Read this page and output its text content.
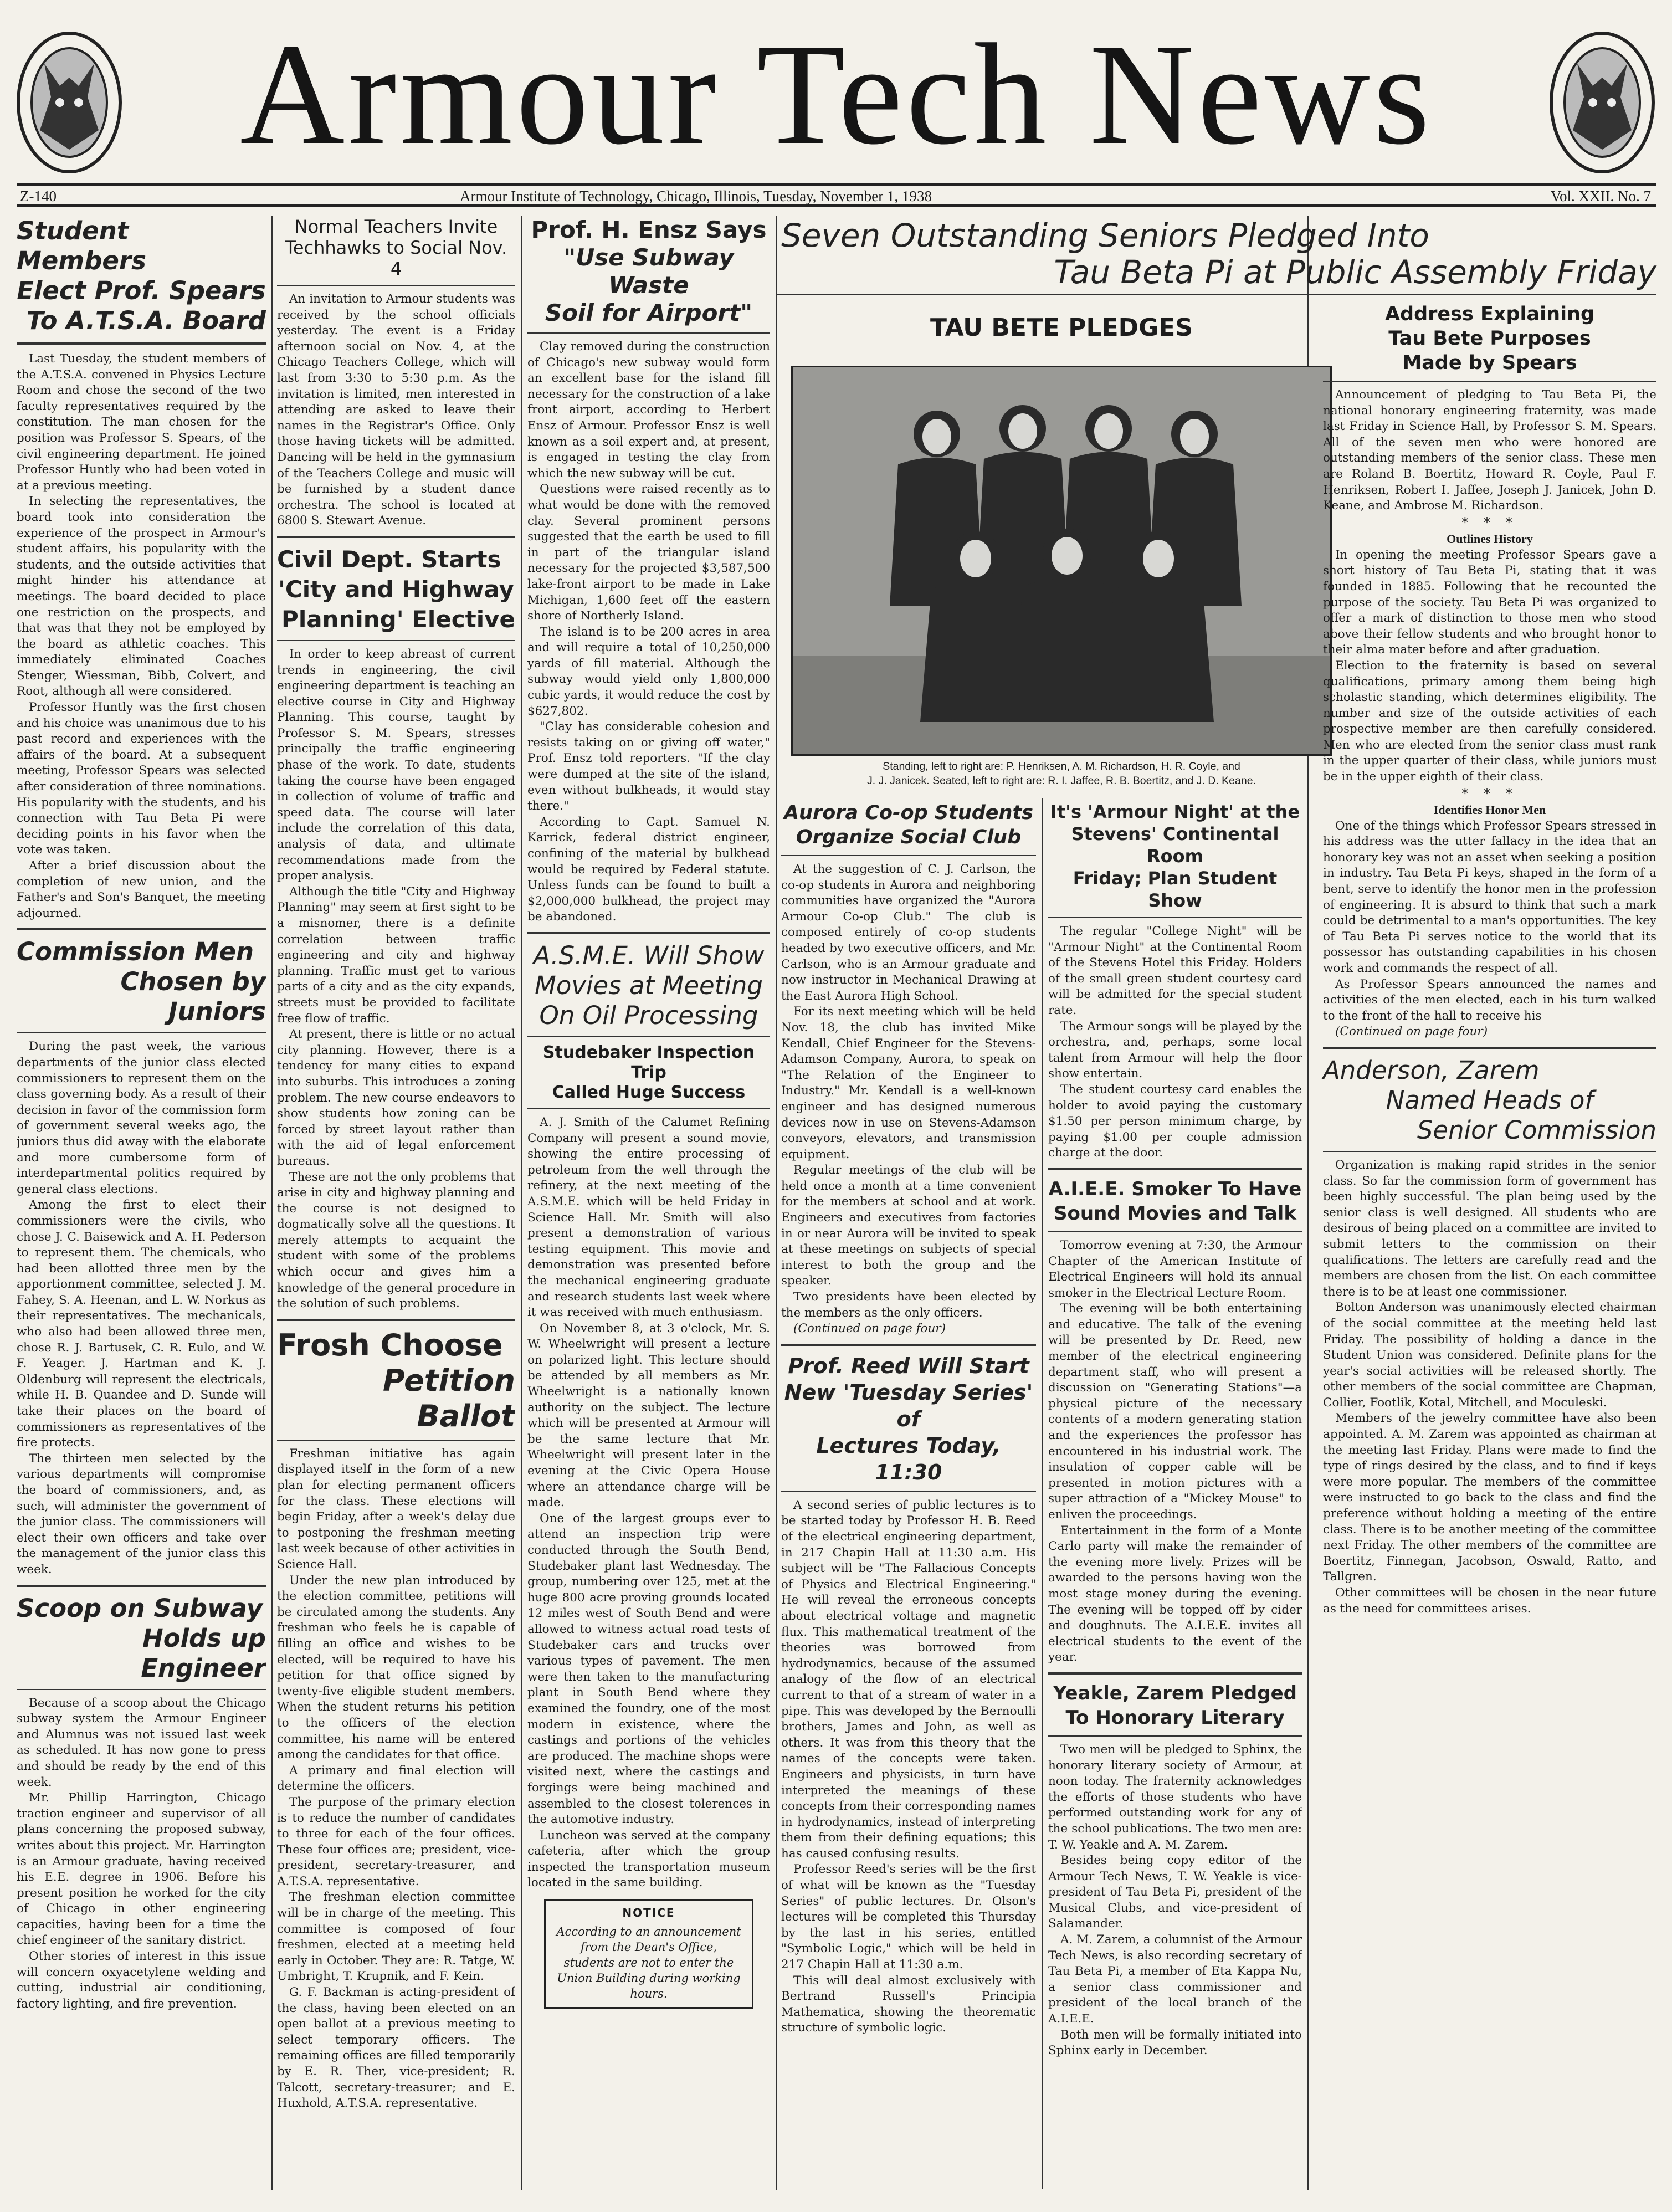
Armour Tech News
Z-140	Armour Institute of Technology, Chicago, Illinois, Tuesday, November 1, 1938	Vol. XXII. No. 7
Student Members
Elect Prof. Spears
To A.T.S.A. Board

Last Tuesday, the student members of the A.T.S.A. convened in Physics Lecture Room and chose the second of the two faculty representatives required by the constitution. The man chosen for the position was Professor S. Spears, of the civil engineering department. He joined Professor Huntly who had been voted in at a previous meeting.

In selecting the representatives, the board took into consideration the experience of the prospect in Armour's student affairs, his popularity with the students, and the outside activities that might hinder his attendance at meetings. The board decided to place one restriction on the prospects, and that was that they not be employed by the board as athletic coaches. This immediately eliminated Coaches Stenger, Wiessman, Bibb, Colvert, and Root, although all were considered.

Professor Huntly was the first chosen and his choice was unanimous due to his past record and experiences with the affairs of the board. At a subsequent meeting, Professor Spears was selected after consideration of three nominations. His popularity with the students, and his connection with Tau Beta Pi were deciding points in his favor when the vote was taken.

After a brief discussion about the completion of new union, and the Father's and Son's Banquet, the meeting adjourned.

Commission Men
Chosen by Juniors

During the past week, the various departments of the junior class elected commissioners to represent them on the class governing body. As a result of their decision in favor of the commission form of government several weeks ago, the juniors thus did away with the elaborate and more cumbersome form of interdepartmental politics required by general class elections.

Among the first to elect their commissioners were the civils, who chose J. C. Baisewick and A. H. Pederson to represent them. The chemicals, who had been allotted three men by the apportionment committee, selected J. M. Fahey, S. A. Heenan, and L. W. Norkus as their representatives. The mechanicals, who also had been allowed three men, chose R. J. Bartusek, C. R. Eulo, and W. F. Yeager. J. Hartman and K. J. Oldenburg will represent the electricals, while H. B. Quandee and D. Sunde will take their places on the board of commissioners as representatives of the fire protects.

The thirteen men selected by the various departments will compromise the board of commissioners, and, as such, will administer the government of the junior class. The commissioners will elect their own officers and take over the management of the junior class this week.

Scoop on Subway
Holds up Engineer

Because of a scoop about the Chicago subway system the Armour Engineer and Alumnus was not issued last week as scheduled. It has now gone to press and should be ready by the end of this week.

Mr. Phillip Harrington, Chicago traction engineer and supervisor of all plans concerning the proposed subway, writes about this project. Mr. Harrington is an Armour graduate, having received his E.E. degree in 1906. Before his present position he worked for the city of Chicago in other engineering capacities, having been for a time the chief engineer of the sanitary district.

Other stories of interest in this issue will concern oxyacetylene welding and cutting, industrial air conditioning, factory lighting, and fire prevention.

Normal Teachers Invite
Techhawks to Social Nov. 4

An invitation to Armour students was received by the school officials yesterday. The event is a Friday afternoon social on Nov. 4, at the Chicago Teachers College, which will last from 3:30 to 5:30 p.m. As the invitation is limited, men interested in attending are asked to leave their names in the Registrar's Office. Only those having tickets will be admitted. Dancing will be held in the gymnasium of the Teachers College and music will be furnished by a student dance orchestra. The school is located at 6800 S. Stewart Avenue.

Civil Dept. Starts
'City and Highway
Planning' Elective

In order to keep abreast of current trends in engineering, the civil engineering department is teaching an elective course in City and Highway Planning. This course, taught by Professor S. M. Spears, stresses principally the traffic engineering phase of the work. To date, students taking the course have been engaged in collection of volume of traffic and speed data. The course will later include the correlation of this data, analysis of data, and ultimate recommendations made from the proper analysis.

Although the title "City and Highway Planning" may seem at first sight to be a misnomer, there is a definite correlation between traffic engineering and city and highway planning. Traffic must get to various parts of a city and as the city expands, streets must be provided to facilitate free flow of traffic.

At present, there is little or no actual city planning. However, there is a tendency for many cities to expand into suburbs. This introduces a zoning problem. The new course endeavors to show students how zoning can be forced by street layout rather than with the aid of legal enforcement bureaus.

These are not the only problems that arise in city and highway planning and the course is not designed to dogmatically solve all the questions. It merely attempts to acquaint the student with some of the problems which occur and gives him a knowledge of the general procedure in the solution of such problems.

Frosh Choose
Petition Ballot

Freshman initiative has again displayed itself in the form of a new plan for electing permanent officers for the class. These elections will begin Friday, after a week's delay due to postponing the freshman meeting last week because of other activities in Science Hall.

Under the new plan introduced by the election committee, petitions will be circulated among the students. Any freshman who feels he is capable of filling an office and wishes to be elected, will be required to have his petition for that office signed by twenty-five eligible student members. When the student returns his petition to the officers of the election committee, his name will be entered among the candidates for that office.

A primary and final election will determine the officers.

The purpose of the primary election is to reduce the number of candidates to three for each of the four offices. These four offices are; president, vice-president, secretary-treasurer, and A.T.S.A. representative.

The freshman election committee will be in charge of the meeting. This committee is composed of four freshmen, elected at a meeting held early in October. They are: R. Tatge, W. Umbright, T. Krupnik, and F. Kein.

G. F. Backman is acting-president of the class, having been elected on an open ballot at a previous meeting to select temporary officers. The remaining offices are filled temporarily by E. R. Ther, vice-president; R. Talcott, secretary-treasurer; and E. Huxhold, A.T.S.A. representative.

Prof. H. Ensz Says
"Use Subway Waste
Soil for Airport"

Clay removed during the construction of Chicago's new subway would form an excellent base for the island fill necessary for the construction of a lake front airport, according to Herbert Ensz of Armour. Professor Ensz is well known as a soil expert and, at present, is engaged in testing the clay from which the new subway will be cut.

Questions were raised recently as to what would be done with the removed clay. Several prominent persons suggested that the earth be used to fill in part of the triangular island necessary for the projected $3,587,500 lake-front airport to be made in Lake Michigan, 1,600 feet off the eastern shore of Northerly Island.

The island is to be 200 acres in area and will require a total of 10,250,000 yards of fill material. Although the subway would yield only 1,800,000 cubic yards, it would reduce the cost by $627,802.

"Clay has considerable cohesion and resists taking on or giving off water," Prof. Ensz told reporters. "If the clay were dumped at the site of the island, even without bulkheads, it would stay there."

According to Capt. Samuel N. Karrick, federal district engineer, confining of the material by bulkhead would be required by Federal statute. Unless funds can be found to built a $2,000,000 bulkhead, the project may be abandoned.

A.S.M.E. Will Show
Movies at Meeting
On Oil Processing
Studebaker Inspection Trip
Called Huge Success

A. J. Smith of the Calumet Refining Company will present a sound movie, showing the entire processing of petroleum from the well through the refinery, at the next meeting of the A.S.M.E. which will be held Friday in Science Hall. Mr. Smith will also present a demonstration of various testing equipment. This movie and demonstration was presented before the mechanical engineering graduate and research students last week where it was received with much enthusiasm.

On November 8, at 3 o'clock, Mr. S. W. Wheelwright will present a lecture on polarized light. This lecture should be attended by all members as Mr. Wheelwright is a nationally known authority on the subject. The lecture which will be presented at Armour will be the same lecture that Mr. Wheelwright will present later in the evening at the Civic Opera House where an attendance charge will be made.

One of the largest groups ever to attend an inspection trip were conducted through the South Bend, Studebaker plant last Wednesday. The group, numbering over 125, met at the huge 800 acre proving grounds located 12 miles west of South Bend and were allowed to witness actual road tests of Studebaker cars and trucks over various types of pavement. The men were then taken to the manufacturing plant in South Bend where they examined the foundry, one of the most modern in existence, where the castings and portions of the vehicles are produced. The machine shops were visited next, where the castings and forgings were being machined and assembled to the closest tolerences in the automotive industry.

Luncheon was served at the company cafeteria, after which the group inspected the transportation museum located in the same building.

NOTICE
According to an announcement from the Dean's Office, students are not to enter the Union Building during working hours.
Seven Outstanding Seniors Pledged Into
Tau Beta Pi at Public Assembly Friday
TAU BETE PLEDGES
Standing, left to right are: P. Henriksen, A. M. Richardson, H. R. Coyle, and
J. J. Janicek. Seated, left to right are: R. I. Jaffee, R. B. Boertitz, and J. D. Keane.
Aurora Co-op Students
Organize Social Club

At the suggestion of C. J. Carlson, the co-op students in Aurora and neighboring communities have organized the "Aurora Armour Co-op Club." The club is composed entirely of co-op students headed by two executive officers, and Mr. Carlson, who is an Armour graduate and now instructor in Mechanical Drawing at the East Aurora High School.

For its next meeting which will be held Nov. 18, the club has invited Mike Kendall, Chief Engineer for the Stevens-Adamson Company, Aurora, to speak on "The Relation of the Engineer to Industry." Mr. Kendall is a well-known engineer and has designed numerous devices now in use on Stevens-Adamson conveyors, elevators, and transmission equipment.

Regular meetings of the club will be held once a month at a time convenient for the members at school and at work. Engineers and executives from factories in or near Aurora will be invited to speak at these meetings on subjects of special interest to both the group and the speaker.

Two presidents have been elected by the members as the only officers.

(Continued on page four)

Prof. Reed Will Start
New 'Tuesday Series' of
Lectures Today, 11:30

A second series of public lectures is to be started today by Professor H. B. Reed of the electrical engineering department, in 217 Chapin Hall at 11:30 a.m. His subject will be "The Fallacious Concepts of Physics and Electrical Engineering." He will reveal the erroneous concepts about electrical voltage and magnetic flux. This mathematical treatment of the theories was borrowed from hydrodynamics, because of the assumed analogy of the flow of an electrical current to that of a stream of water in a pipe. This was developed by the Bernoulli brothers, James and John, as well as others. It was from this theory that the names of the concepts were taken. Engineers and physicists, in turn have interpreted the meanings of these concepts from their corresponding names in hydrodynamics, instead of interpreting them from their defining equations; this has caused confusing results.

Professor Reed's series will be the first of what will be known as the "Tuesday Series" of public lectures. Dr. Olson's lectures will be completed this Thursday by the last in his series, entitled "Symbolic Logic," which will be held in 217 Chapin Hall at 11:30 a.m.

This will deal almost exclusively with Bertrand Russell's Principia Mathematica, showing the theorematic structure of symbolic logic.

It's 'Armour Night' at the
Stevens' Continental Room
Friday; Plan Student Show

The regular "College Night" will be "Armour Night" at the Continental Room of the Stevens Hotel this Friday. Holders of the small green student courtesy card will be admitted for the special student rate.

The Armour songs will be played by the orchestra, and, perhaps, some local talent from Armour will help the floor show entertain.

The student courtesy card enables the holder to avoid paying the customary $1.50 per person minimum charge, by paying $1.00 per couple admission charge at the door.

A.I.E.E. Smoker To Have
Sound Movies and Talk

Tomorrow evening at 7:30, the Armour Chapter of the American Institute of Electrical Engineers will hold its annual smoker in the Electrical Lecture Room.

The evening will be both entertaining and educative. The talk of the evening will be presented by Dr. Reed, new member of the electrical engineering department staff, who will present a discussion on "Generating Stations"—a physical picture of the necessary contents of a modern generating station and the experiences the professor has encountered in his industrial work. The insulation of copper cable will be presented in motion pictures with a super attraction of a "Mickey Mouse" to enliven the proceedings.

Entertainment in the form of a Monte Carlo party will make the remainder of the evening more lively. Prizes will be awarded to the persons having won the most stage money during the evening. The evening will be topped off by cider and doughnuts. The A.I.E.E. invites all electrical students to the event of the year.

Yeakle, Zarem Pledged
To Honorary Literary

Two men will be pledged to Sphinx, the honorary literary society of Armour, at noon today. The fraternity acknowledges the efforts of those students who have performed outstanding work for any of the school publications. The two men are: T. W. Yeakle and A. M. Zarem.

Besides being copy editor of the Armour Tech News, T. W. Yeakle is vice-president of Tau Beta Pi, president of the Musical Clubs, and vice-president of Salamander.

A. M. Zarem, a columnist of the Armour Tech News, is also recording secretary of Tau Beta Pi, a member of Eta Kappa Nu, a senior class commissioner and president of the local branch of the A.I.E.E.

Both men will be formally initiated into Sphinx early in December.

Address Explaining
Tau Bete Purposes
Made by Spears

Announcement of pledging to Tau Beta Pi, the national honorary engineering fraternity, was made last Friday in Science Hall, by Professor S. M. Spears. All of the seven men who were honored are outstanding members of the senior class. These men are Roland B. Boertitz, Howard R. Coyle, Paul F. Henriksen, Robert I. Jaffee, Joseph J. Janicek, John D. Keane, and Ambrose M. Richardson.

* * *
Outlines History

In opening the meeting Professor Spears gave a short history of Tau Beta Pi, stating that it was founded in 1885. Following that he recounted the purpose of the society. Tau Beta Pi was organized to offer a mark of distinction to those men who stood above their fellow students and who brought honor to their alma mater before and after graduation.

Election to the fraternity is based on several qualifications, primary among them being high scholastic standing, which determines eligibility. The number and size of the outside activities of each prospective member are then carefully considered. Men who are elected from the senior class must rank in the upper quarter of their class, while juniors must be in the upper eighth of their class.

* * *
Identifies Honor Men

One of the things which Professor Spears stressed in his address was the utter fallacy in the idea that an honorary key was not an asset when seeking a position in industry. Tau Beta Pi keys, shaped in the form of a bent, serve to identify the honor men in the profession of engineering. It is absurd to think that such a mark could be detrimental to a man's opportunities. The key of Tau Beta Pi serves notice to the world that its possessor has outstanding capabilities in his chosen work and commands the respect of all.

As Professor Spears announced the names and activities of the men elected, each in his turn walked to the front of the hall to receive his

(Continued on page four)

Anderson, Zarem
Named Heads of
Senior Commission

Organization is making rapid strides in the senior class. So far the commission form of government has been highly successful. The plan being used by the senior class is well designed. All students who are desirous of being placed on a committee are invited to submit letters to the commission on their qualifications. The letters are carefully read and the members are chosen from the list. On each committee there is to be at least one commissioner.

Bolton Anderson was unanimously elected chairman of the social committee at the meeting held last Friday. The possibility of holding a dance in the Student Union was considered. Definite plans for the year's social activities will be released shortly. The other members of the social committee are Chapman, Collier, Footlik, Kotal, Mitchell, and Moculeski.

Members of the jewelry committee have also been appointed. A. M. Zarem was appointed as chairman at the meeting last Friday. Plans were made to find the type of rings desired by the class, and to find if keys were more popular. The members of the committee were instructed to go back to the class and find the preference without holding a meeting of the entire class. There is to be another meeting of the committee next Friday. The other members of the committee are Boertitz, Finnegan, Jacobson, Oswald, Ratto, and Tallgren.

Other committees will be chosen in the near future as the need for committees arises.
